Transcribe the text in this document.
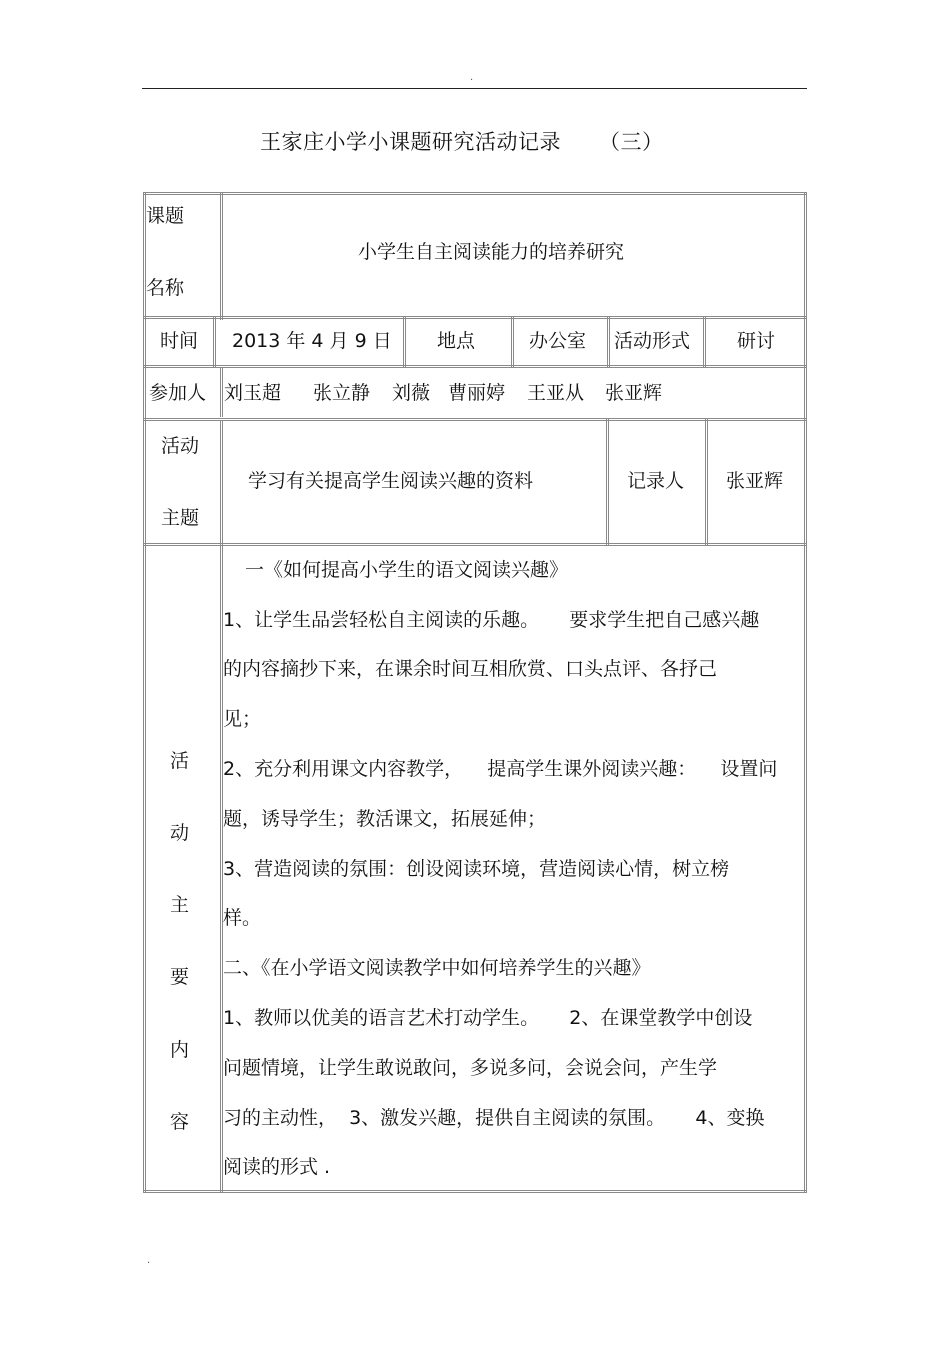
.
王家庄小学小课题研究活动记录 （三）
课题
名称
小学生自主阅读能力的培养研究
时间 2013 年 4 月 9 日 地点	办公室 活动形式 研讨
参加人 刘玉超 张立静 刘薇 曹丽婷 王亚从 张亚辉
活动
主题
学习有关提高学生阅读兴趣的资料	记录人 张亚辉
活
动
主
要
内
容
一《如何提高小学生的语文阅读兴趣》
1、让学生品尝轻松自主阅读的乐趣。     要求学生把自己感兴趣
的内容摘抄下来，在课余时间互相欣赏、口头点评、各抒己
见；
2、充分利用课文内容教学，    提高学生课外阅读兴趣：    设置问
题，诱导学生；教活课文，拓展延伸；
3、营造阅读的氛围：创设阅读环境，营造阅读心情，树立榜
样。
二、《在小学语文阅读教学中如何培养学生的兴趣》
1、教师以优美的语言艺术打动学生。     2、在课堂教学中创设
问题情境，让学生敢说敢问，多说多问，会说会问，产生学
习的主动性，  3、激发兴趣，提供自主阅读的氛围。     4、变换
阅读的形式 .
.
